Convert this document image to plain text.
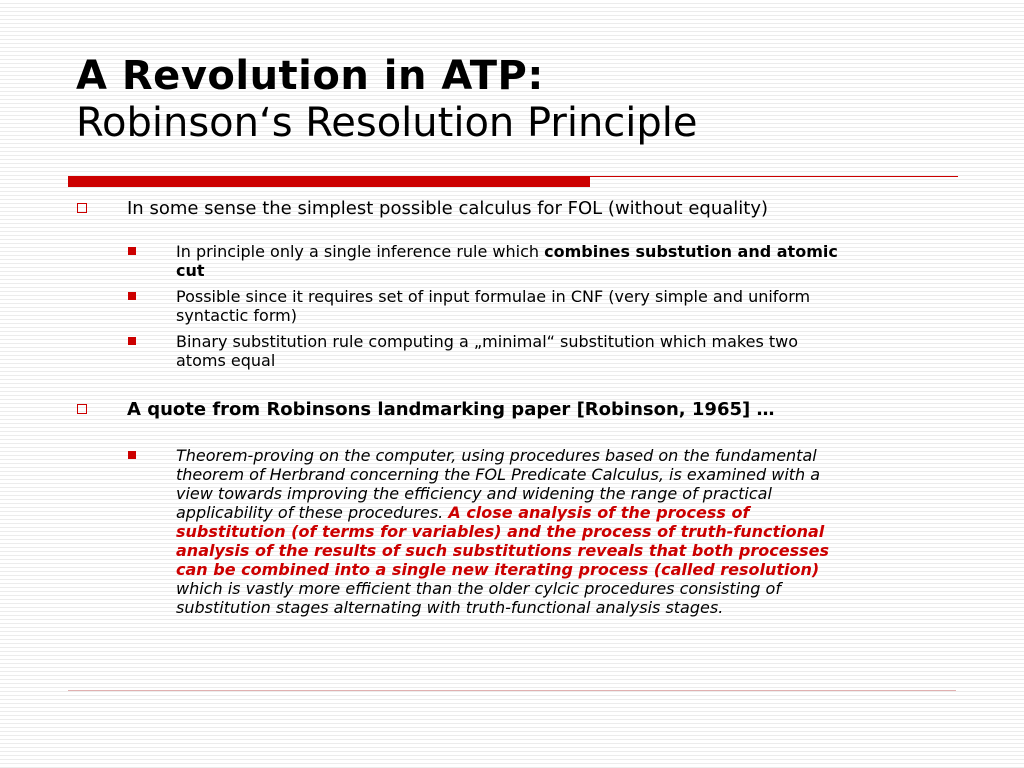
A Revolution in ATP:
Robinson‘s Resolution Principle
In some sense the simplest possible calculus for FOL (without equality)
In principle only a single inference rule which combines substution and atomic cut
Possible since it requires set of input formulae in CNF (very simple and uniform syntactic form)
Binary substitution rule computing a „minimal“ substitution which makes two atoms equal
A quote from Robinsons landmarking paper [Robinson, 1965] …
Theorem-proving on the computer, using procedures based on the fundamental theorem of Herbrand concerning the FOL Predicate Calculus, is examined with a view towards improving the efficiency and widening the range of practical applicability of these procedures. A close analysis of the process of substitution (of terms for variables) and the process of truth-functional analysis of the results of such substitutions reveals that both processes can be combined into a single new iterating process (called resolution) which is vastly more efficient than the older cylcic procedures consisting of substitution stages alternating with truth-functional analysis stages.
